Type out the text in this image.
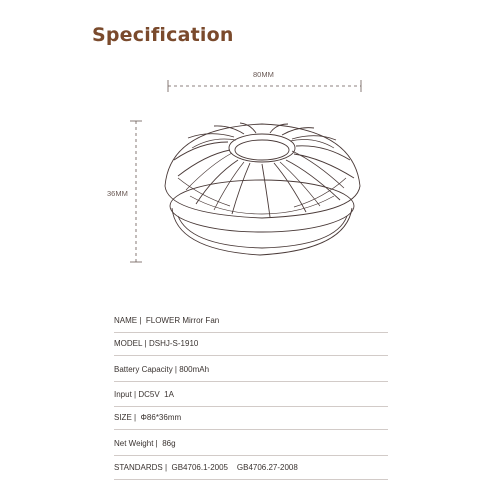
Specification
80MM
36MM
NAME | FLOWER Mirror Fan
MODEL | DSHJ-S-1910
Battery Capacity | 800mAh
Input | DC5V  1A
SIZE | Φ86*36mm
Net Weight | 86g
STANDARDS | GB4706.1-2005    GB4706.27-2008
